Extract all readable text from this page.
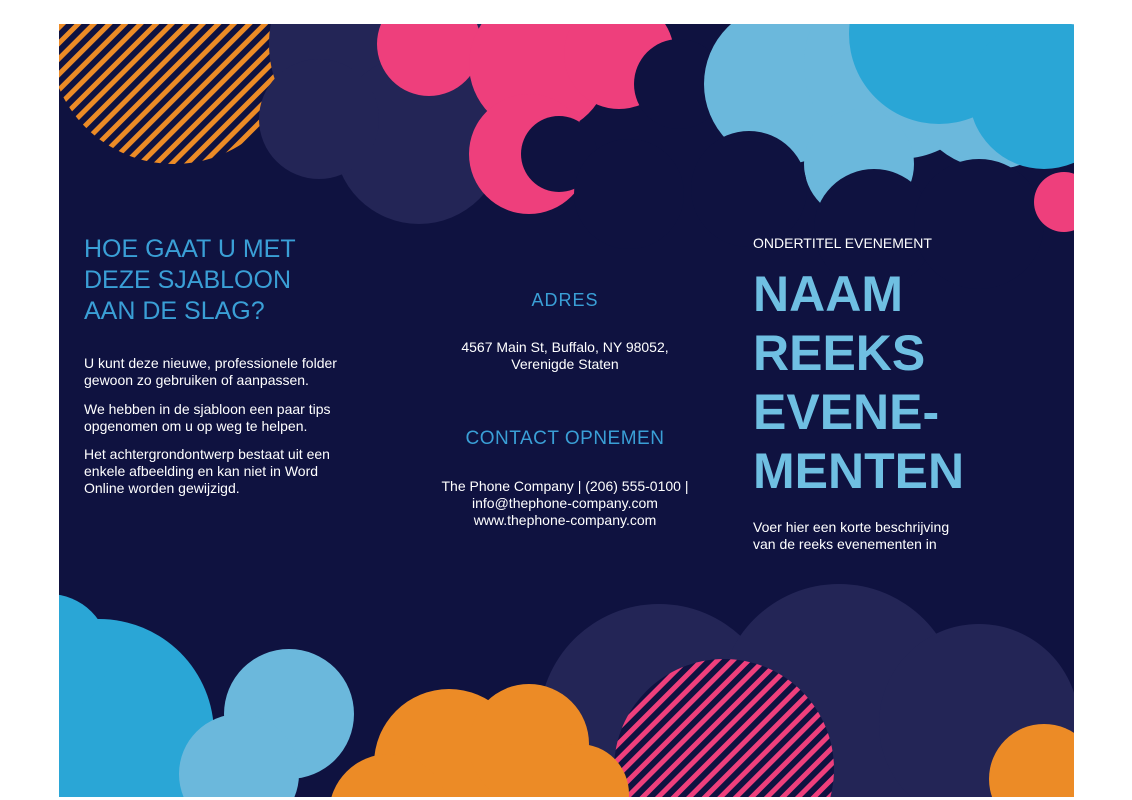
HOE GAAT U MET
DEZE SJABLOON
AAN DE SLAG?
U kunt deze nieuwe, professionele folder
gewoon zo gebruiken of aanpassen.
We hebben in de sjabloon een paar tips
opgenomen om u op weg te helpen.
Het achtergrondontwerp bestaat uit een
enkele afbeelding en kan niet in Word
Online worden gewijzigd.
ADRES
4567 Main St, Buffalo, NY 98052,
Verenigde Staten
CONTACT OPNEMEN
The Phone Company | (206) 555-0100 |
info@thephone-company.com
www.thephone-company.com
ONDERTITEL EVENEMENT
NAAM
REEKS
EVENE-
MENTEN
Voer hier een korte beschrijving
van de reeks evenementen in
